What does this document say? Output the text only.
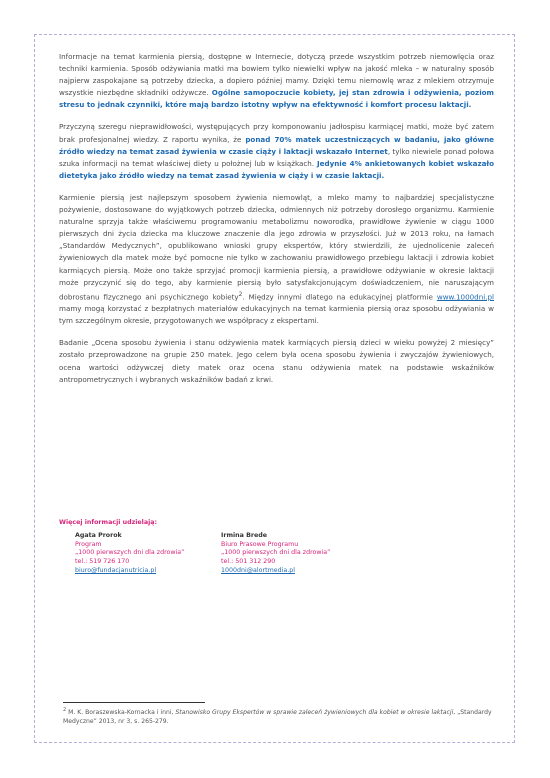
Informacje na temat karmienia piersią, dostępne w Internecie, dotyczą przede wszystkim potrzeb niemowlęcia oraz techniki karmienia. Sposób odżywiania matki ma bowiem tylko niewielki wpływ na jakość mleka – w naturalny sposób najpierw zaspokajane są potrzeby dziecka, a dopiero później mamy. Dzięki temu niemowlę wraz z mlekiem otrzymuje wszystkie niezbędne składniki odżywcze. Ogólne samopoczucie kobiety, jej stan zdrowia i odżywienia, poziom stresu to jednak czynniki, które mają bardzo istotny wpływ na efektywność i komfort procesu laktacji.

Przyczyną szeregu nieprawidłowości, występujących przy komponowaniu jadłospisu karmiącej matki, może być zatem brak profesjonalnej wiedzy. Z raportu wynika, że ponad 70% matek uczestniczących w badaniu, jako główne źródło wiedzy na temat zasad żywienia w czasie ciąży i laktacji wskazało Internet, tylko niewiele ponad połowa szuka informacji na temat właściwej diety u położnej lub w książkach. Jedynie 4% ankietowanych kobiet wskazało dietetyka jako źródło wiedzy na temat zasad żywienia w ciąży i w czasie laktacji.

Karmienie piersią jest najlepszym sposobem żywienia niemowląt, a mleko mamy to najbardziej specjalistyczne pożywienie, dostosowane do wyjątkowych potrzeb dziecka, odmiennych niż potrzeby dorosłego organizmu. Karmienie naturalne sprzyja także właściwemu programowaniu metabolizmu noworodka, prawidłowe żywienie w ciągu 1000 pierwszych dni życia dziecka ma kluczowe znaczenie dla jego zdrowia w przyszłości. Już w 2013 roku, na łamach „Standardów Medycznych”, opublikowano wnioski grupy ekspertów, który stwierdzili, że ujednolicenie zaleceń żywieniowych dla matek może być pomocne nie tylko w zachowaniu prawidłowego przebiegu laktacji i zdrowia kobiet karmiących piersią. Może ono także sprzyjać promocji karmienia piersią, a prawidłowe odżywianie w okresie laktacji może przyczynić się do tego, aby karmienie piersią było satysfakcjonującym doświadczeniem, nie naruszającym dobrostanu fizycznego ani psychicznego kobiety$^2$. Między innymi dlatego na edukacyjnej platformie www.1000dni.pl mamy mogą korzystać z bezpłatnych materiałów edukacyjnych na temat karmienia piersią oraz sposobu odżywiania w tym szczególnym okresie, przygotowanych we współpracy z ekspertami.

Badanie „Ocena sposobu żywienia i stanu odżywienia matek karmiących piersią dzieci w wieku powyżej 2 miesięcy” zostało przeprowadzone na grupie 250 matek. Jego celem była ocena sposobu żywienia i zwyczajów żywieniowych, ocena wartości odżywczej diety matek oraz ocena stanu odżywienia matek na podstawie wskaźników antropometrycznych i wybranych wskaźników badań z krwi.

Więcej informacji udzielają:
Agata Prorok
Program
„1000 pierwszych dni dla zdrowia”
tel.: 519 726 170
biuro@fundacjanutricia.pl
Irmina Brede
Biuro Prasowe Programu
„1000 pierwszych dni dla zdrowia”
tel.: 501 312 290
1000dni@alortmedia.pl
$^2$ M. K. Boraszewska-Kornacka i inni, Stanowisko Grupy Ekspertów w sprawie zaleceń żywieniowych dla kobiet w okresie laktacji, „Standardy Medyczne” 2013, nr 3, s. 265-279.
